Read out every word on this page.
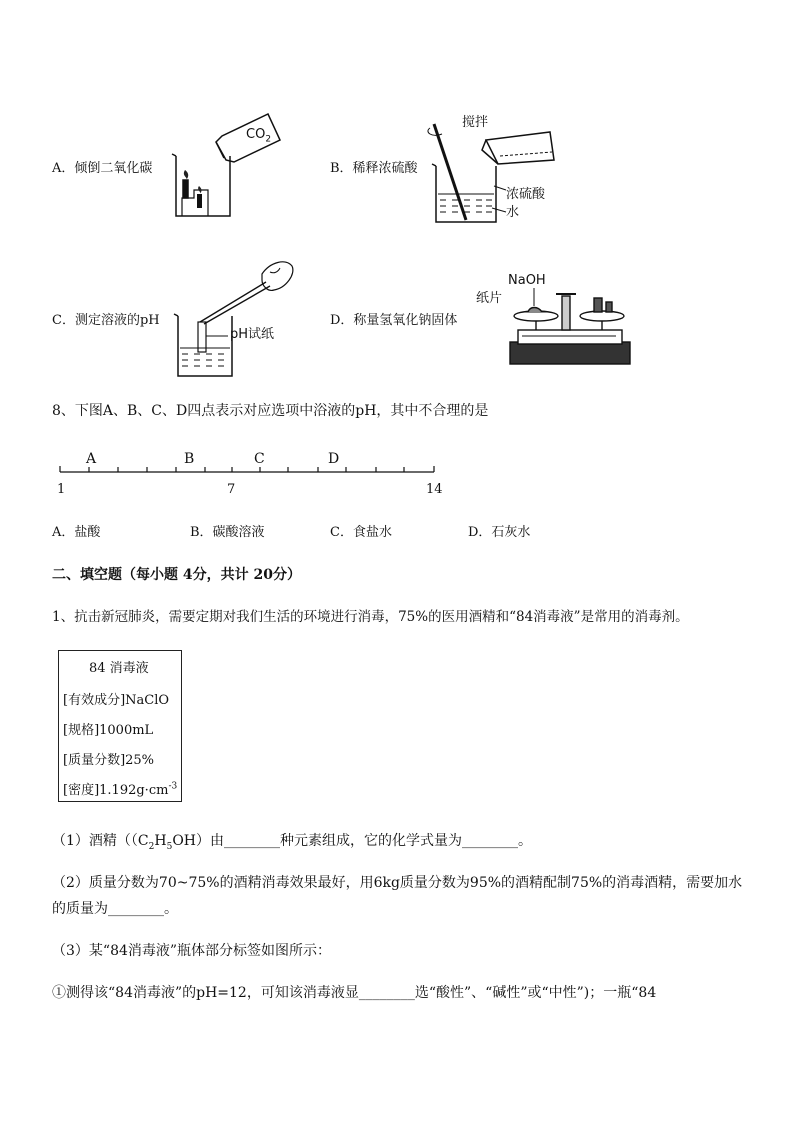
A．倾倒二氧化碳	B．稀释浓硫酸
C．测定溶液的pH	D．称量氢氧化钠固体
$CO_2$
搅拌
浓硫酸
水
pH试纸
NaOH
纸片
8、下图A、B、C、D四点表示对应选项中浴液的pH，其中不合理的是
A	B	C	D
1	7	14
A．盐酸	B．碳酸溶液	C．食盐水	D．石灰水
二、填空题（每小题 4分，共计 20分）
1、抗击新冠肺炎，需要定期对我们生活的环境进行消毒，75%的医用酒精和“84消毒液”是常用的消毒剂。
84 消毒液
[有效成分]NaClO
[规格]1000mL
[质量分数]25%
[密度]$1.192g\cdot cm^{-3}$
（1）酒精（$(C_2H_5OH)$由________种元素组成，它的化学式量为________。
（2）质量分数为70~75%的酒精消毒效果最好，用6kg质量分数为95%的酒精配制75%的消毒酒精，需要加水
的质量为________。
（3）某“84消毒液”瓶体部分标签如图所示：
①测得该“84消毒液”的pH=12，可知该消毒液显________选“酸性”、“碱性”或“中性”)；一瓶“84
